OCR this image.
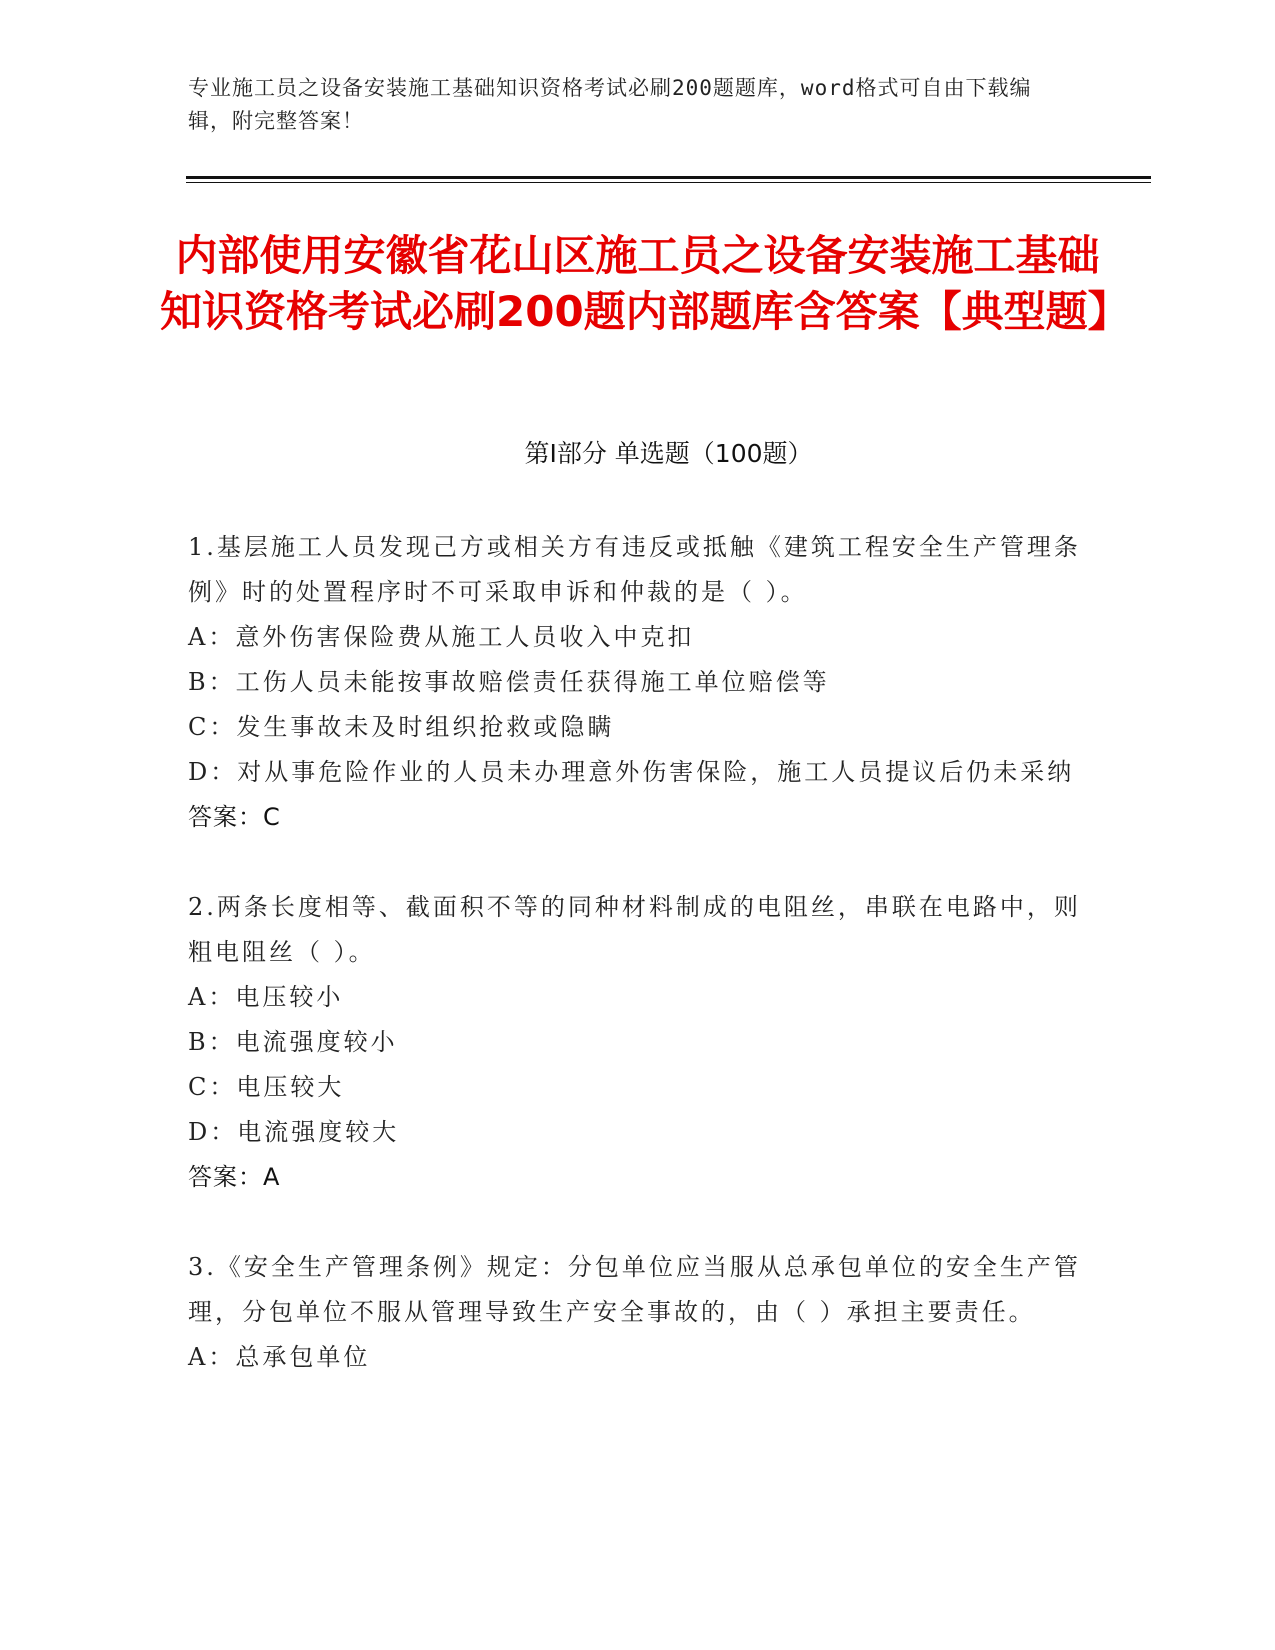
专业施工员之设备安装施工基础知识资格考试必刷200题题库，word格式可自由下载编辑，附完整答案！
内部使用安徽省花山区施工员之设备安装施工基础知识资格考试必刷200题内部题库含答案【典型题】
第Ⅰ部分 单选题（100题）

1.基层施工人员发现己方或相关方有违反或抵触《建筑工程安全生产管理条例》时的处置程序时不可采取申诉和仲裁的是（ ）。

A：意外伤害保险费从施工人员收入中克扣

B：工伤人员未能按事故赔偿责任获得施工单位赔偿等

C：发生事故未及时组织抢救或隐瞒

D：对从事危险作业的人员未办理意外伤害保险，施工人员提议后仍未采纳

答案：C

2.两条长度相等、截面积不等的同种材料制成的电阻丝，串联在电路中，则粗电阻丝（ ）。

A：电压较小

B：电流强度较小

C：电压较大

D：电流强度较大

答案：A

3.《安全生产管理条例》规定：分包单位应当服从总承包单位的安全生产管理，分包单位不服从管理导致生产安全事故的，由（ ）承担主要责任。

A：总承包单位
